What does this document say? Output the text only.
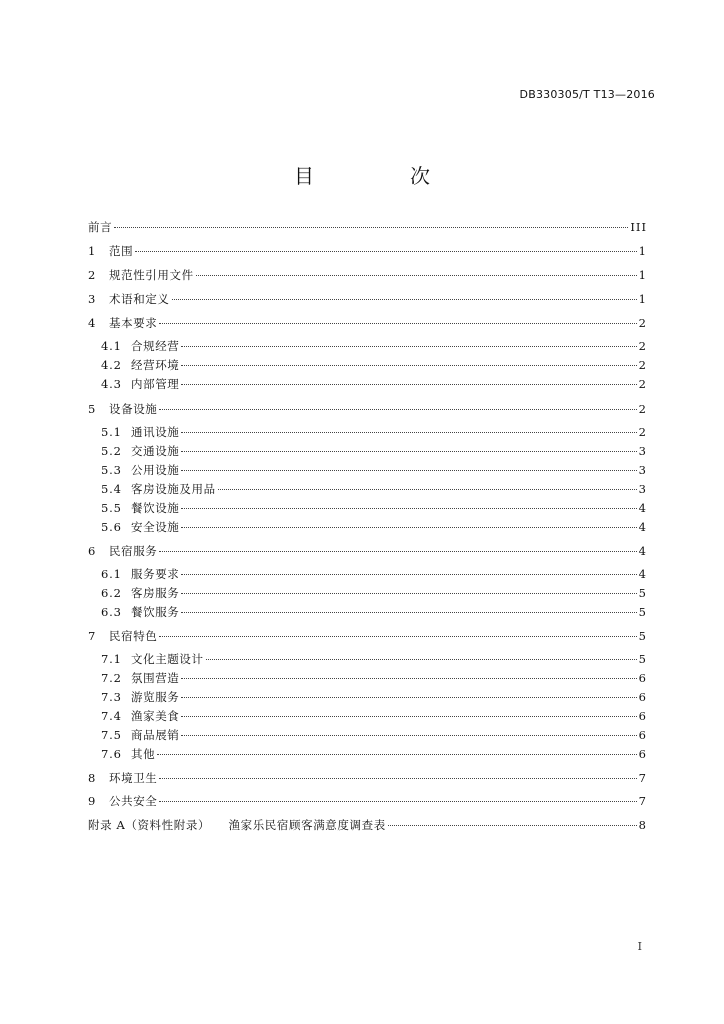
DB330305/T T13—2016
目　次
前言	III
1	范围	1
2	规范性引用文件	1
3	术语和定义	1
4	基本要求	2
4.1 合规经营	2
4.2 经营环境	2
4.3 内部管理	2
5	设备设施	2
5.1 通讯设施	2
5.2 交通设施	3
5.3 公用设施	3
5.4 客房设施及用品	3
5.5 餐饮设施	4
5.6 安全设施	4
6	民宿服务	4
6.1 服务要求	4
6.2 客房服务	5
6.3 餐饮服务	5
7	民宿特色	5
7.1 文化主题设计	5
7.2 氛围营造	6
7.3 游览服务	6
7.4 渔家美食	6
7.5 商品展销	6
7.6 其他	6
8	环境卫生	7
9	公共安全	7
附录 A（资料性附录）　　渔家乐民宿顾客满意度调查表	8
I
